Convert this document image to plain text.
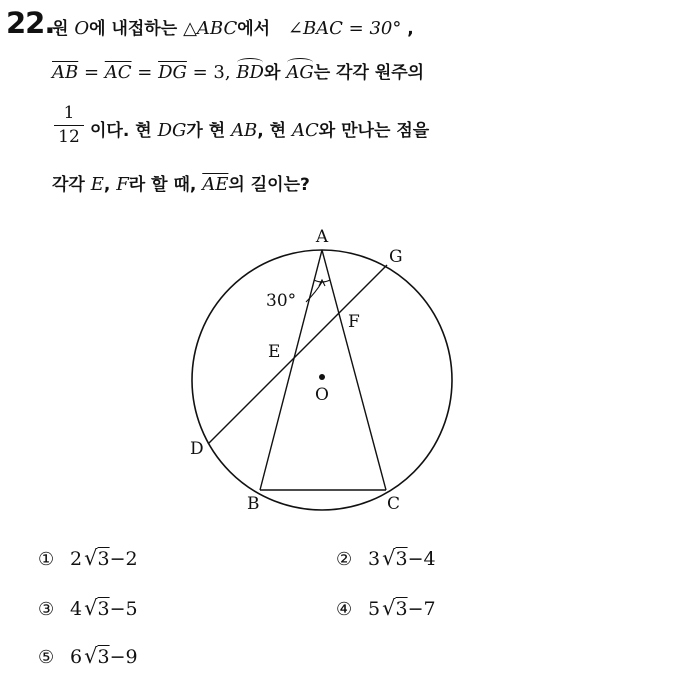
22.
원 O에 내접하는 △ABC에서   ∠BAC = 30° ,
$\overline{AB} = \overline{AC} = \overline{DG} = 3$, BD와 AG는 각각 원주의
1
12 이다. 현 DG가 현 AB, 현 AC와 만나는 점을
각각 E, F라 할 때, $\overline{AE}$의 길이는?
A
B	C
D
E
F
G
O
30°
① 2√3−2	② 3√3−4
③ 4√3−5	④ 5√3−7
⑤ 6√3−9
